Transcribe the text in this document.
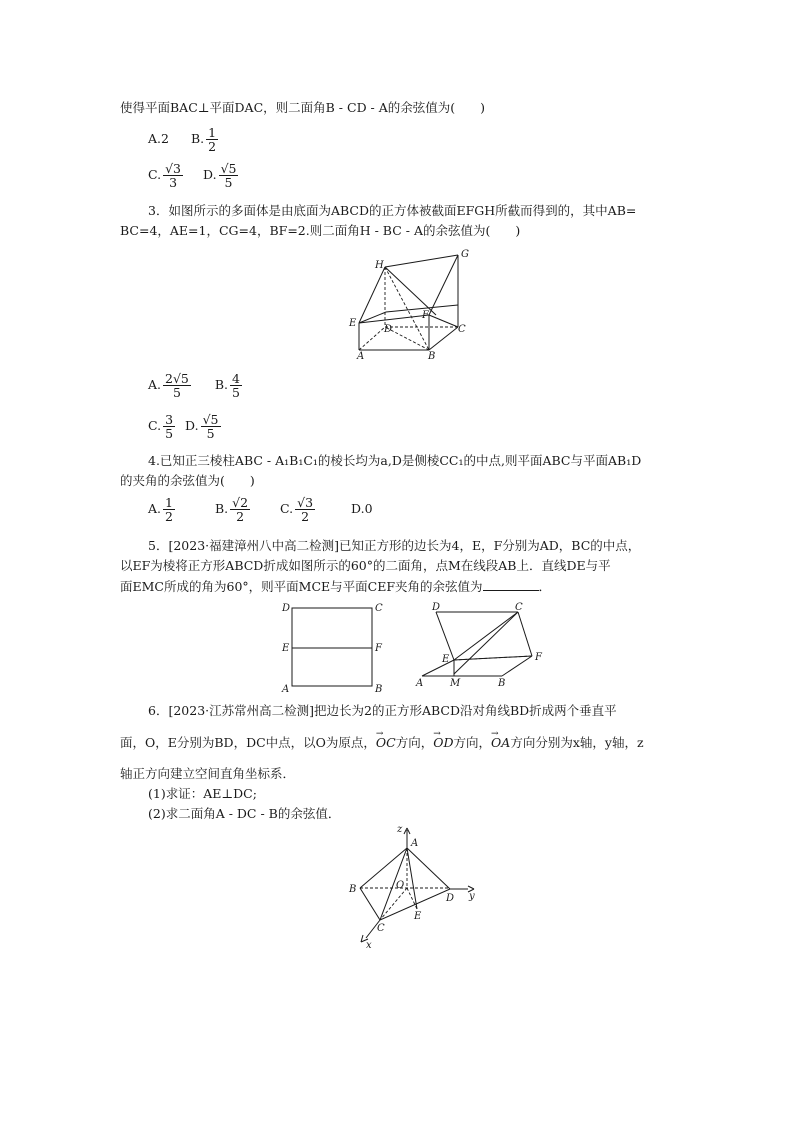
使得平面BAC⊥平面DAC，则二面角B - CD - A的余弦值为(　　)
A.2 B. $\frac{1}{2}$
C. $\frac{√3}{3} D$. $\frac{√5}{5}$
3．如图所示的多面体是由底面为ABCD的正方体被截面EFGH所截而得到的，其中AB=
BC=4，AE=1，CG=4，BF=2.则二面角H - BC - A的余弦值为(　　)
H
G
E
F
D	C
A	B
A. $\frac{2√5}{5} B$. $\frac{4}{5}$
C. $\frac{3}{5} D$. $\frac{√5}{5}$
4.已知正三棱柱ABC - A₁B₁C₁的棱长均为a,D是侧棱CC₁的中点,则平面ABC与平面AB₁D
的夹角的余弦值为(　　)
A. $\frac{1}{2}$	B. $\frac{√2}{2} C$. $\frac{√3}{2}$	D.0
5．[2023·福建漳州八中高二检测]已知正方形的边长为4，E，F分别为AD，BC的中点，
以EF为棱将正方形ABCD折成如图所示的60°的二面角，点M在线段AB上．直线DE与平
面EMC所成的角为60°，则平面MCE与平面CEF夹角的余弦值为	．
D	C
E	F
A	B
D	C
E	F
A	M	B
6．[2023·江苏常州高二检测]把边长为2的正方形ABCD沿对角线BD折成两个垂直平
面，O，E分别为BD，DC中点，以O为原点，→ OC方向，→ OD方向，→ OA方向分别为x轴，y轴，z
轴正方向建立空间直角坐标系．
(1)求证：AE⊥DC;
(2)求二面角A - DC - B的余弦值．
z
A
B	O
D y
E
C
x
